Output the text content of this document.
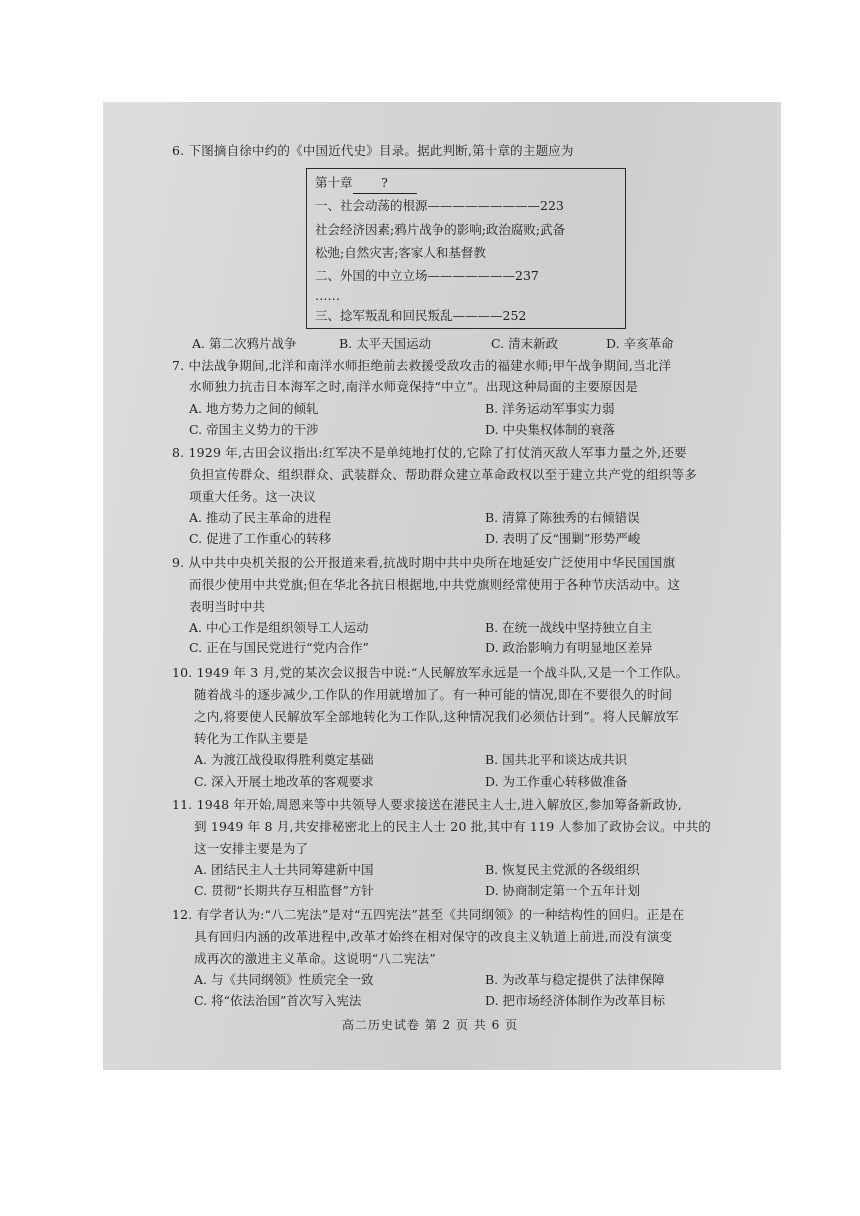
6. 下图摘自徐中约的《中国近代史》目录。据此判断,第十章的主题应为
第十章 ?
一、社会动荡的根源—————————223
社会经济因素;鸦片战争的影响;政治腐败;武备
松弛;自然灾害;客家人和基督教
二、外国的中立立场———————237
……
三、捻军叛乱和回民叛乱————252
A. 第二次鸦片战争	B. 太平天国运动	C. 清末新政	D. 辛亥革命
7. 中法战争期间,北洋和南洋水师拒绝前去救援受敌攻击的福建水师;甲午战争期间,当北洋
水师独力抗击日本海军之时,南洋水师竟保持“中立”。出现这种局面的主要原因是
A. 地方势力之间的倾轧	B. 洋务运动军事实力弱
C. 帝国主义势力的干涉	D. 中央集权体制的衰落
8. 1929 年,古田会议指出:红军决不是单纯地打仗的,它除了打仗消灭敌人军事力量之外,还要
负担宣传群众、组织群众、武装群众、帮助群众建立革命政权以至于建立共产党的组织等多
项重大任务。这一决议
A. 推动了民主革命的进程	B. 清算了陈独秀的右倾错误
C. 促进了工作重心的转移	D. 表明了反“围剿”形势严峻
9. 从中共中央机关报的公开报道来看,抗战时期中共中央所在地延安广泛使用中华民国国旗
而很少使用中共党旗;但在华北各抗日根据地,中共党旗则经常使用于各种节庆活动中。这
表明当时中共
A. 中心工作是组织领导工人运动	B. 在统一战线中坚持独立自主
C. 正在与国民党进行“党内合作”	D. 政治影响力有明显地区差异
10. 1949 年 3 月,党的某次会议报告中说:“人民解放军永远是一个战斗队,又是一个工作队。
随着战斗的逐步减少,工作队的作用就增加了。有一种可能的情况,即在不要很久的时间
之内,将要使人民解放军全部地转化为工作队,这种情况我们必须估计到”。将人民解放军
转化为工作队主要是
A. 为渡江战役取得胜利奠定基础	B. 国共北平和谈达成共识
C. 深入开展土地改革的客观要求	D. 为工作重心转移做准备
11. 1948 年开始,周恩来等中共领导人要求接送在港民主人士,进入解放区,参加筹备新政协,
到 1949 年 8 月,共安排秘密北上的民主人士 20 批,其中有 119 人参加了政协会议。中共的
这一安排主要是为了
A. 团结民主人士共同筹建新中国	B. 恢复民主党派的各级组织
C. 贯彻“长期共存互相监督”方针	D. 协商制定第一个五年计划
12. 有学者认为:“八二宪法”是对“五四宪法”甚至《共同纲领》的一种结构性的回归。正是在
具有回归内涵的改革进程中,改革才始终在相对保守的改良主义轨道上前进,而没有演变
成再次的激进主义革命。这说明“八二宪法”
A. 与《共同纲领》性质完全一致	B. 为改革与稳定提供了法律保障
C. 将“依法治国”首次写入宪法	D. 把市场经济体制作为改革目标
高二历史试卷 第 2 页 共 6 页
